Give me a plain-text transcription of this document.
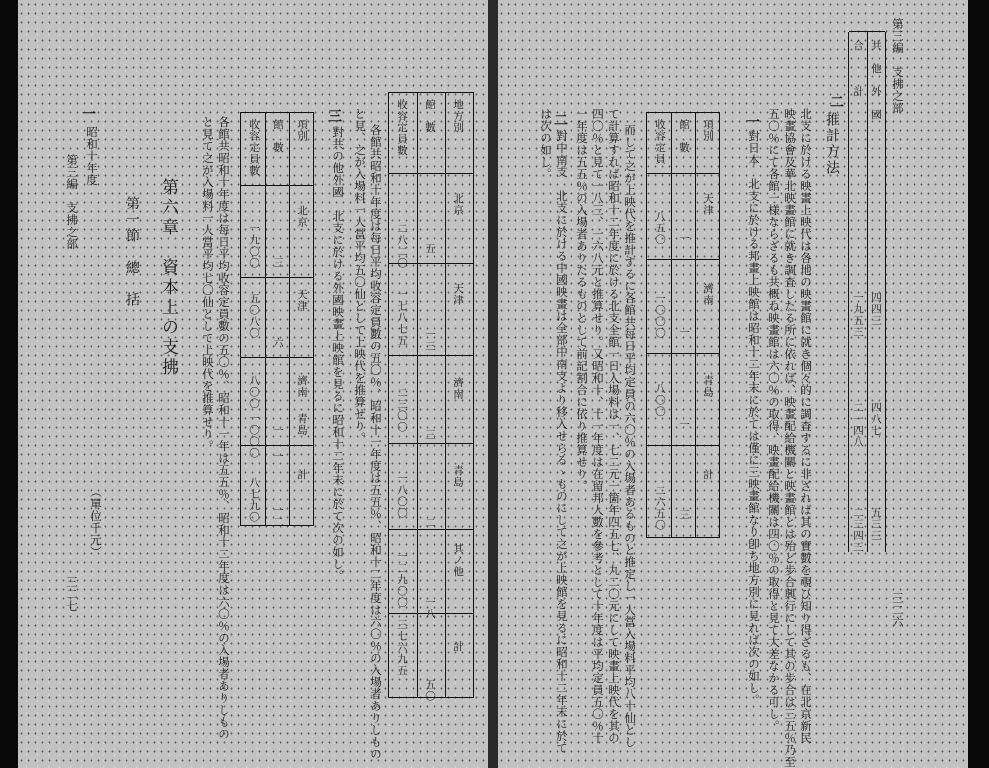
第三編　支拂之部
三二六
共　他　外　國
四四三
四八七
五三三
合　　　計
一九五三
二一四八
二三四三
二
推計方法
北支に於ける映畫上映代は各地の映畫館に就き個々的に調査するに非ざれば其の實數を覗ひ知り得ざるも、在北京新民
映畫協會及華北映畫館に就き調査したる所に依れば、映畫配給機關と映畫館とは殆ど步合興行にして其の步合は三五％乃至
五〇％にて各館一様ならざるも共概ね映畫館は六〇％の取得、映畫配給機關は四〇％の取得と見て大差なかる可し。
一
對日本　北支に於ける邦畫上映館は昭和十二年末に於ては僅に三映畫館なり卽ち地方別に見れば次の如し。
項別
天津
濟南
青島
計
館　數
一
一
一
三
收容定員
八五〇
一〇〇〇
八〇〇
二六五〇
而して之が上映代を推計するに各館共每日平均定員の六〇％の入場者あるものと推定し一人當入場料平均八十仙とし
て計算すれば昭和十二年度に於ける北支全館一日入場料は一、七二元一箇年四五七、九二〇元にして映畫上映代を其の
四〇％と見て一八三、一六八元と推算せり。又昭和十、十一年度は在留邦人數を參考として十年度は平均定員五〇％十
一年度は五五％の入場者ありたるものとして前記割合に依り推算せり。
二
對中南支　北支に於ける中國映畫は全部中南支より移入せらるゝものにして之が上映館を見るに昭和十二年末に於て
は次の如し。
地方別
北京
天津
濟南
青島
其ノ他
計
館　數
五
一三
三
二
一八
五〇
收容定員數
二八二〇
一七八七五
二三〇〇
一八〇〇
一二九〇〇
三七六九五
各館共昭和十年度は每日平均收容定員數の五〇％、昭和十一年度は五五％、昭和十二年度は六〇％の入場者ありしもの
と見、之が入場料一人當平均五〇仙として上映代を推算せり。
三
對共の他外國　北支に於ける外國映畫上映館を見るに昭和十二年末に於て次の如し。
項別
北京
天津
濟南
計
青島
館　數
三
六
一
一
一二
收容定員數
一九〇〇
五〇八〇
八〇〇
一〇〇〇
八七九〇
各館共昭和十年度は每日平均收容定員數の五〇％、昭和十一年は五五％、昭和十二年度は六〇％の入場者ありしもの
と見て之が入場料一人當平均七〇仙として上映代を推算せり。
第六章　資本上の支拂
第一節　總　括
一
昭和十年度
（單位千元）
第三編　支拂之部
三二七
